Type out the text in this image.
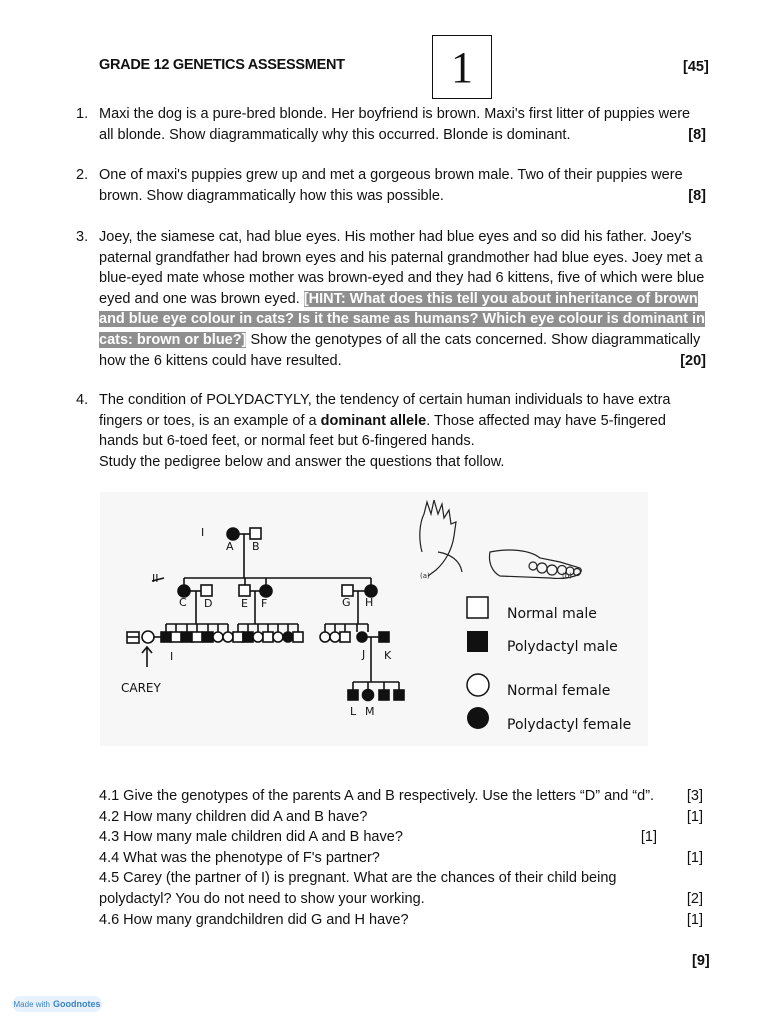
GRADE 12 GENETICS ASSESSMENT 1	[45]
1. Maxi the dog is a pure-bred blonde. Her boyfriend is brown. Maxi's first litter of puppies were all blonde. Show diagrammatically why this occurred. Blonde is dominant.	[8]
2. One of maxi's puppies grew up and met a gorgeous brown male. Two of their puppies were brown. Show diagrammatically how this was possible.	[8]
3. Joey, the siamese cat, had blue eyes. His mother had blue eyes and so did his father. Joey's paternal grandfather had brown eyes and his paternal grandmother had blue eyes. Joey met a blue-eyed mate whose mother was brown-eyed and they had 6 kittens, five of which were blue eyed and one was brown eyed. [HINT: What does this tell you about inheritance of brown and blue eye colour in cats? Is it the same as humans? Which eye colour is dominant in cats: brown or blue?] Show the genotypes of all the cats concerned. Show diagrammatically how the 6 kittens could have resulted.	[20]
4. The condition of POLYDACTYLY, the tendency of certain human individuals to have extra fingers or toes, is an example of a dominant allele. Those affected may have 5-fingered hands but 6-toed feet, or normal feet but 6-fingered hands.
Study the pedigree below and answer the questions that follow.
I
II
A B
C D	E F	G H
I	J K
L M
CAREY
(a)	(b)
Normal male
Polydactyl male
Normal female
Polydactyl female
4.1 Give the genotypes of the parents A and B respectively. Use the letters “D” and “d”. [3]
4.2 How many children did A and B have?	[1]
4.3 How many male children did A and B have?	[1]
4.4 What was the phenotype of F's partner?	[1]
4.5 Carey (the partner of I) is pregnant. What are the chances of their child being
polydactyl? You do not need to show your working.	[2]
4.6 How many grandchildren did G and H have?	[1]
[9]
Made with Goodnotes
